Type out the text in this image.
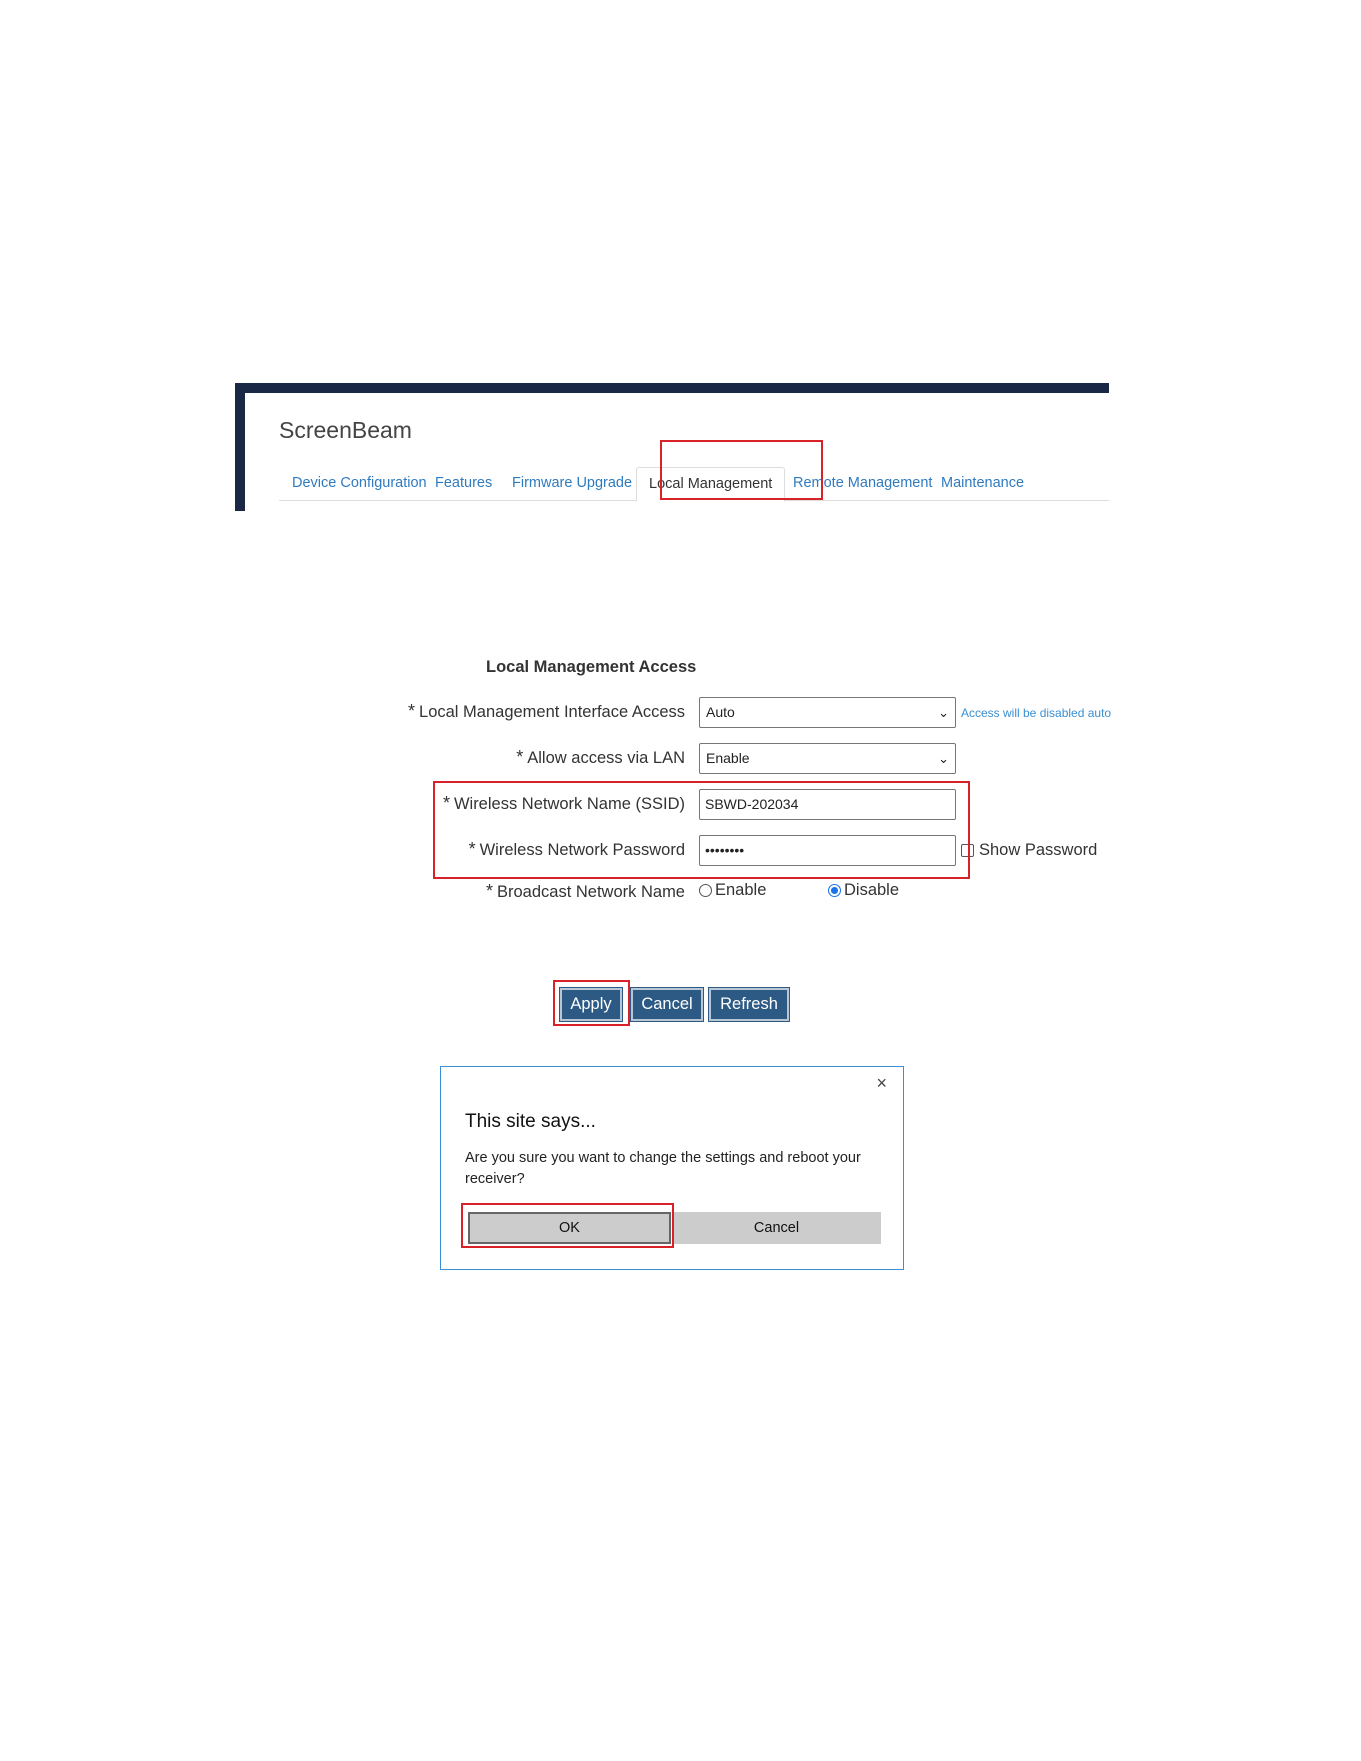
ScreenBeam
Device Configuration Features Firmware Upgrade	Local Management	Remote Management Maintenance
Local Management Access
* Local Management Interface Access Auto	⌄ Access will be disabled auto
* Allow access via LAN Enable	⌄
* Wireless Network Name (SSID)	SBWD-202034
* Wireless Network Password	••••••••	Show Password
* Broadcast Network Name Enable	Disable
Apply	Cancel	Refresh
×
This site says...
Are you sure you want to change the settings and reboot your receiver?
OK	Cancel
